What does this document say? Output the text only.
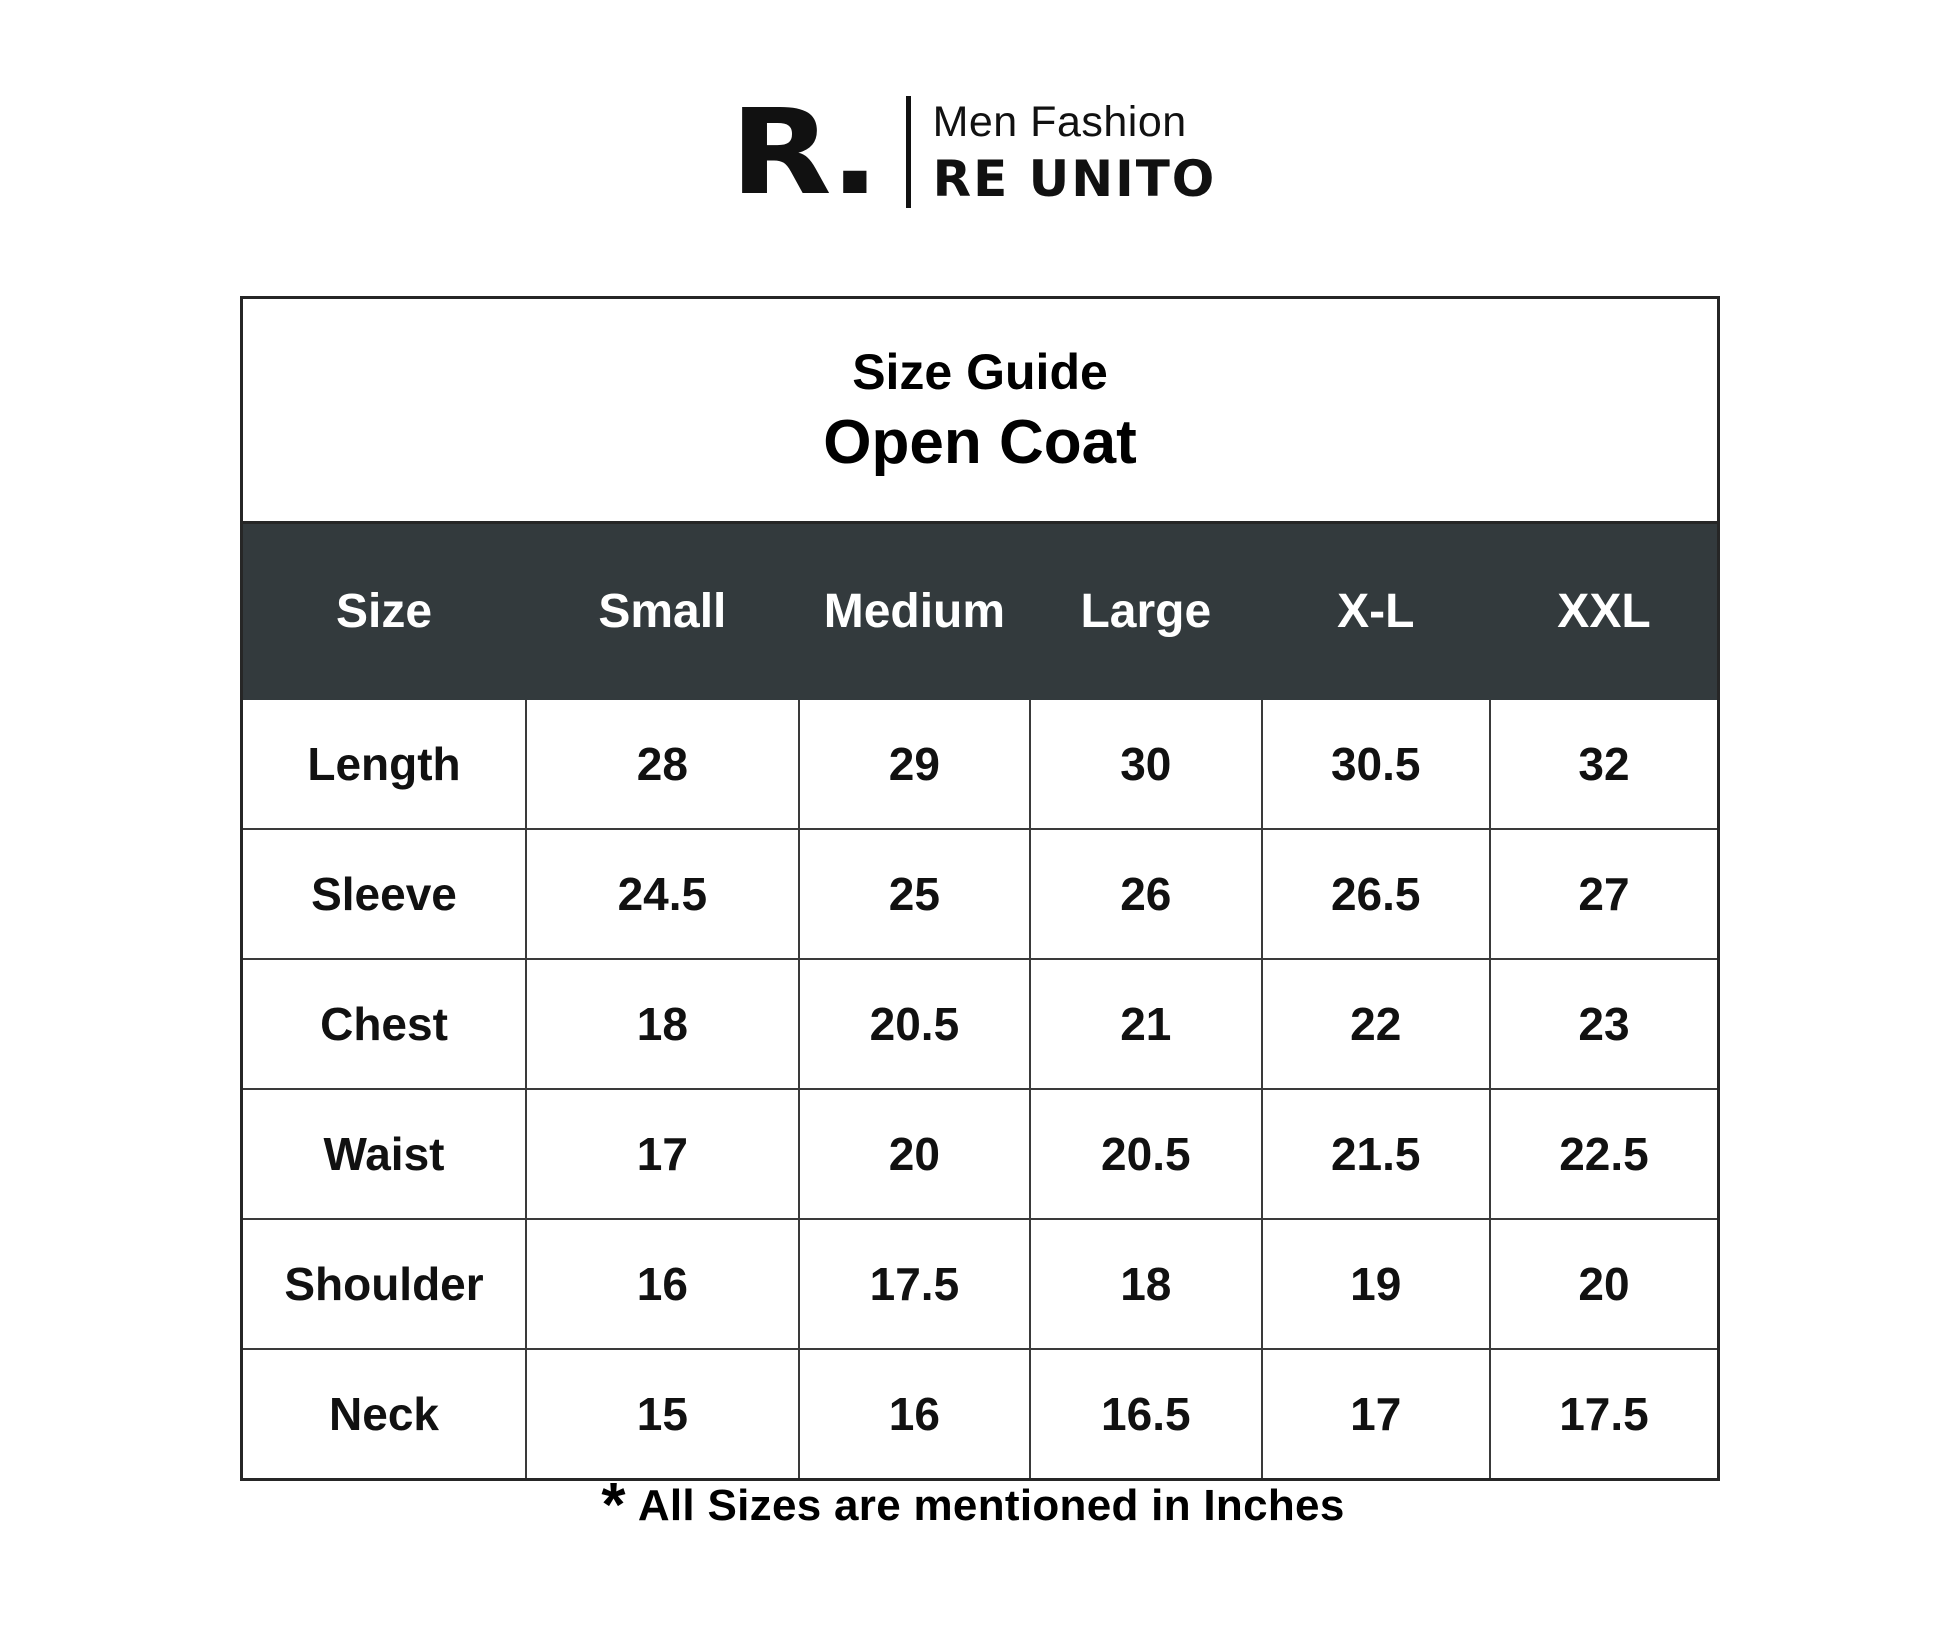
R.	Men Fashion
RE UNITO
Size Guide
Open Coat
Size	Small	Medium	Large	X-L	XXL
Length	28	29	30	30.5	32
Sleeve	24.5	25	26	26.5	27
Chest	18	20.5	21	22	23
Waist	17	20	20.5	21.5	22.5
Shoulder	16	17.5	18	19	20
Neck	15	16	16.5	17	17.5
* All Sizes are mentioned in Inches
